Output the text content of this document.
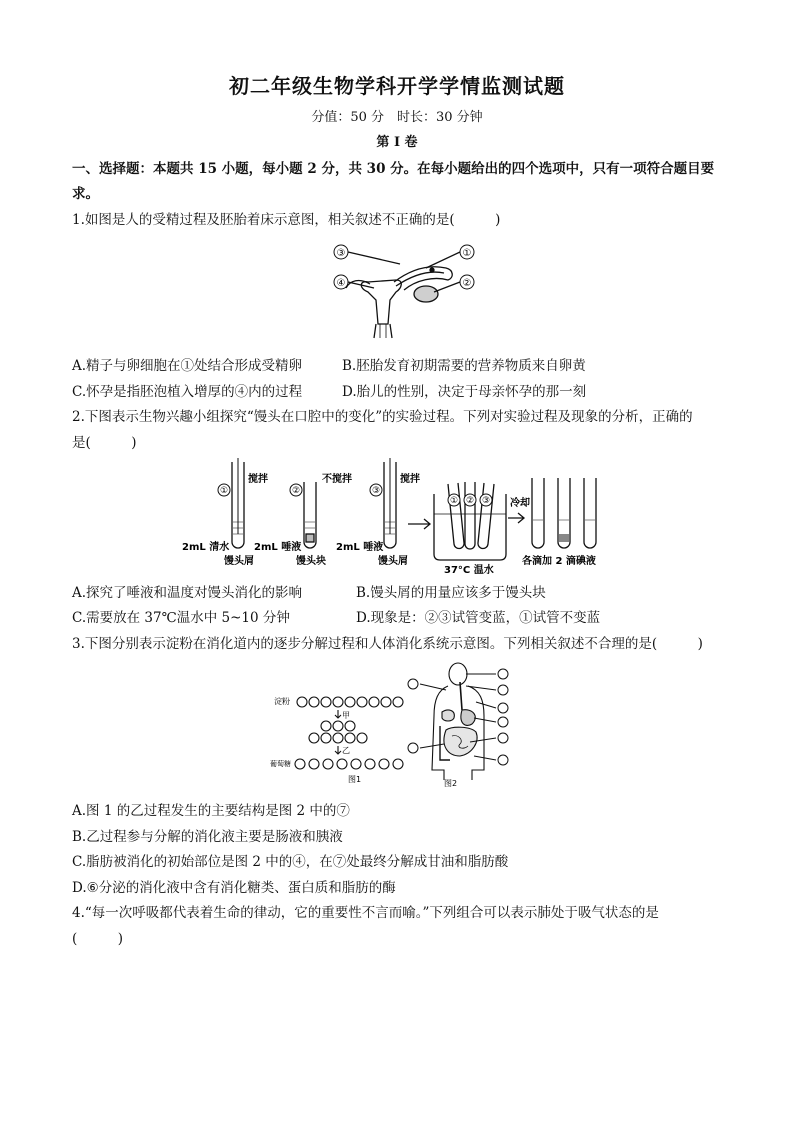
初二年级生物学科开学学情监测试题
分值：50 分　时长：30 分钟
第 I 卷
一、选择题：本题共 15 小题，每小题 2 分，共 30 分。在每小题给出的四个选项中，只有一项符合题目要
求。
1.如图是人的受精过程及胚胎着床示意图，相关叙述不正确的是(　　　)
①
②
③
④
A.精子与卵细胞在①处结合形成受精卵	B.胚胎发育初期需要的营养物质来自卵黄
C.怀孕是指胚泡植入增厚的④内的过程	D.胎儿的性别，决定于母亲怀孕的那一刻
2.下图表示生物兴趣小组探究“馒头在口腔中的变化”的实验过程。下列对实验过程及现象的分析，正确的
是(　　　)
①	②	③
① ② ③
搅拌	不搅拌	搅拌
冷却
2mL 清水
馒头屑
2mL 唾液
馒头块
2mL 唾液
馒头屑
37°C 温水
各滴加 2 滴碘液
A.探究了唾液和温度对馒头消化的影响	B.馒头屑的用量应该多于馒头块
C.需要放在 37℃温水中 5~10 分钟	D.现象是：②③试管变蓝，①试管不变蓝
3.下图分别表示淀粉在消化道内的逐步分解过程和人体消化系统示意图。下列相关叙述不合理的是(　　　)
淀粉
甲
乙
葡萄糖
图1	图2
A.图 1 的乙过程发生的主要结构是图 2 中的⑦
B.乙过程参与分解的消化液主要是肠液和胰液
C.脂肪被消化的初始部位是图 2 中的④，在⑦处最终分解成甘油和脂肪酸
D.⑥分泌的消化液中含有消化糖类、蛋白质和脂肪的酶
4.“每一次呼吸都代表着生命的律动，它的重要性不言而喻。”下列组合可以表示肺处于吸气状态的是
(　　　)
